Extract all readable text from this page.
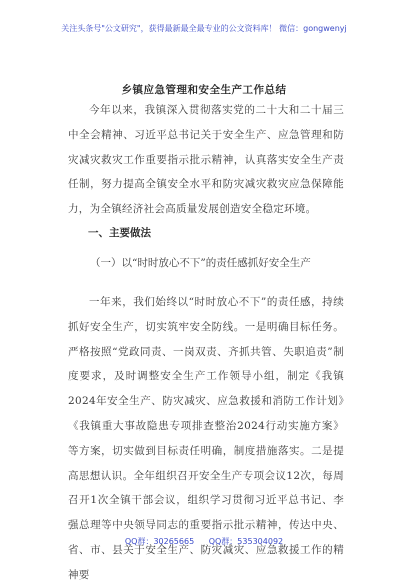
关注头条号"公文研究"，获得最新最全最专业的公文资料库！ 微信：gongwenyj
乡镇应急管理和安全生产工作总结

今年以来，我镇深入贯彻落实党的二十大和二十届三中全会精神、习近平总书记关于安全生产、应急管理和防灾减灾救灾工作重要指示批示精神，认真落实安全生产责任制，努力提高全镇安全水平和防灾减灾救灾应急保障能力，为全镇经济社会高质量发展创造安全稳定环境。

一、主要做法

（一）以“时时放心不下”的责任感抓好安全生产

一年来，我们始终以“时时放心不下”的责任感，持续抓好安全生产，切实筑牢安全防线。一是明确目标任务。严格按照“党政同责、一岗双责、齐抓共管、失职追责”制度要求，及时调整安全生产工作领导小组，制定《我镇2024年安全生产、防灾减灾、应急救援和消防工作计划》《我镇重大事故隐患专项排查整治2024行动实施方案》等方案，切实做到目标责任明确，制度措施落实。二是提高思想认识。全年组织召开安全生产专项会议12次，每周召开1次全镇干部会议，组织学习贯彻习近平总书记、李强总理等中央领导同志的重要指示批示精神，传达中央、省、市、县关于安全生产、防灾减灾、应急救援工作的精神要

QQ群：30265665 QQ群：535304092
